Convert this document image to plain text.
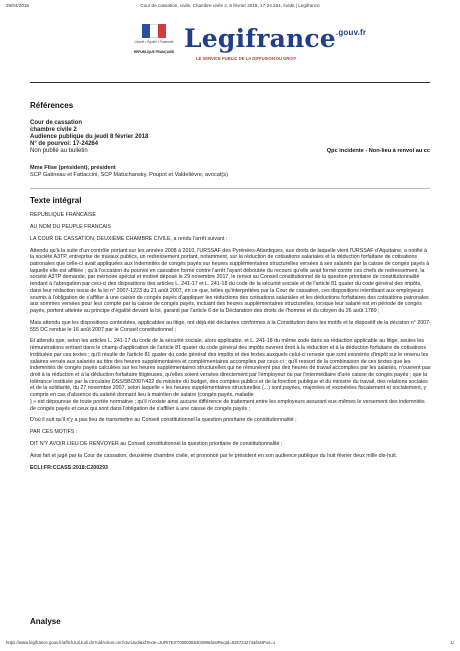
28/04/2018	Cour de cassation, civile, Chambre civile 2, 8 février 2018, 17-24.264, Inédit | Legifrance
Liberté • Égalité • Fraternité
RÉPUBLIQUE FRANÇAISE Legifrance$^{.gouv.fr}$
LE SERVICE PUBLIC DE LA DIFFUSION DU DROIT
Références
Cour de cassation
chambre civile 2
Audience publique du jeudi 8 février 2018
N° de pourvoi: 17-24264
Non publié au bulletin	Qpc incidente - Non-lieu à renvoi au cc
Mme Flise (président), président
SCP Gatineau et Fattaccini, SCP Matuchansky, Poupot et Valdelièvre, avocat(s)
Texte intégral

REPUBLIQUE FRANCAISE

AU NOM DU PEUPLE FRANCAIS

LA COUR DE CASSATION, DEUXIÈME CHAMBRE CIVILE, a rendu l'arrêt suivant :

Attendu qu'à la suite d'un contrôle portant sur les années 2008 à 2010, l'URSSAF des Pyrénées-Atlantiques, aux droits de laquelle vient l'URSSAF d'Aquitaine, a notifié à la société A3TP, entreprise de travaux publics, un redressement portant, notamment, sur la réduction de cotisations salariales et la déduction forfaitaire de cotisations patronales que celle-ci avait appliquées aux indemnités de congés payés sur heures supplémentaires structurelles versées à ses salariés par la caisse de congés payés à laquelle elle est affiliée ; qu'à l'occasion du pourvoi en cassation formé contre l'arrêt l'ayant déboutée du recours qu'elle avait formé contre ces chefs de redressement, la société A3TP demande, par mémoire spécial et motivé déposé le 29 novembre 2017, le renvoi au Conseil constitutionnel de la question prioritaire de constitutionnalité tendant à l'abrogation par ceci-ci des dispositions des articles L. 241-17 et L. 241-18 du code de la sécurité sociale et de l'article 81 quater du code général des impôts, dans leur rédaction issue de la loi n° 2007-1223 du 21 août 2007, en ce que, telles qu'interprétées par la Cour de cassation, ces dispositions interdisant aux employeurs soumis à l'obligation de s'affilier à une caisse de congés payés d'appliquer les réductions des cotisations salariales et les déductions forfaitaires des cotisations patronales aux sommes versées pour leur compte par la caisse de congés payés, incluant des heures supplémentaires structurelles, lorsque leur salarié est en période de congés payés, portent atteinte au principe d'égalité devant la loi, garanti par l'article 6 de la Déclaration des droits de l'homme et du citoyen du 26 août 1789 ;

Mais attendu que les dispositions contestées, applicables au litige, ont déjà été déclarées conformes à la Constitution dans les motifs et le dispositif de la décision n° 2007-555 DC rendue le 16 août 2007 par le Conseil constitutionnel ;

Et attendu que, selon les articles L. 241-17 du code de la sécurité sociale, alors applicable, et L. 241-18 du même code dans sa rédaction applicable au litige, seules les rémunérations entrant dans le champ d'application de l'article 81 quater du code général des impôts ouvrent droit à la réduction et à la déduction forfaitaire de cotisations instituées par ces textes ; qu'il résulte de l'article 81 quater du code général des impôts et des textes auxquels celui-ci renvoie que sont exonérés d'impôt sur le revenu les salaires versés aux salariés au titre des heures supplémentaires et complémentaires accomplies par ceux-ci ; qu'il ressort de la combinaison de ces textes que les indemnités de congés payés calculées sur les heures supplémentaires structurelles qui ne rémunèrent pas des heures de travail accomplies par les salariés, n'ouvrent pas droit à la réduction et à la déduction forfaitaire litigieuses, qu'elles soient versées directement par l'employeur ou par l'intermédiaire d'une caisse de congés payés ; que la tolérance instituée par la circulaire DSS/5B/2007/422 du ministre du budget, des comptes publics et de la fonction publique et du ministre du travail, des relations sociales et de la solidarité, du 27 novembre 2007, selon laquelle « les heures supplémentaires structurelles (...) sont payées, majorées et exonérées fiscalement et socialement, y compris en cas d'absence du salarié donnant lieu à maintien de salaire (congés payés, maladie

) » est dépourvue de toute portée normative ; qu'il n'existe ainsi aucune différence de traitement entre les employeurs assurant eux-mêmes le versement des indemnités de congés payés et ceux qui sont dans l'obligation de s'affilier à une caisse de congés payés ;

D'où il suit qu'il n'y a pas lieu de transmettre au Conseil constitutionnel la question prioritaire de constitutionnalité ;

PAR CES MOTIFS :

DIT N'Y AVOIR LIEU DE RENVOYER au Conseil constitutionnel la question prioritaire de constitutionnalité ;

Ainsi fait et jugé par la Cour de cassation, deuxième chambre civile, et prononcé par le président en son audience publique du huit février deux mille dix-huit.

ECLI:FR:CCASS:2018:C200293

Analyse
https://www.legifrance.gouv.fr/affichJuriJudi.do?oldAction=rechJuriJudi&idTexte=JURITEXT000036630298&fastReqId=825724274&fastPos=1	1/
